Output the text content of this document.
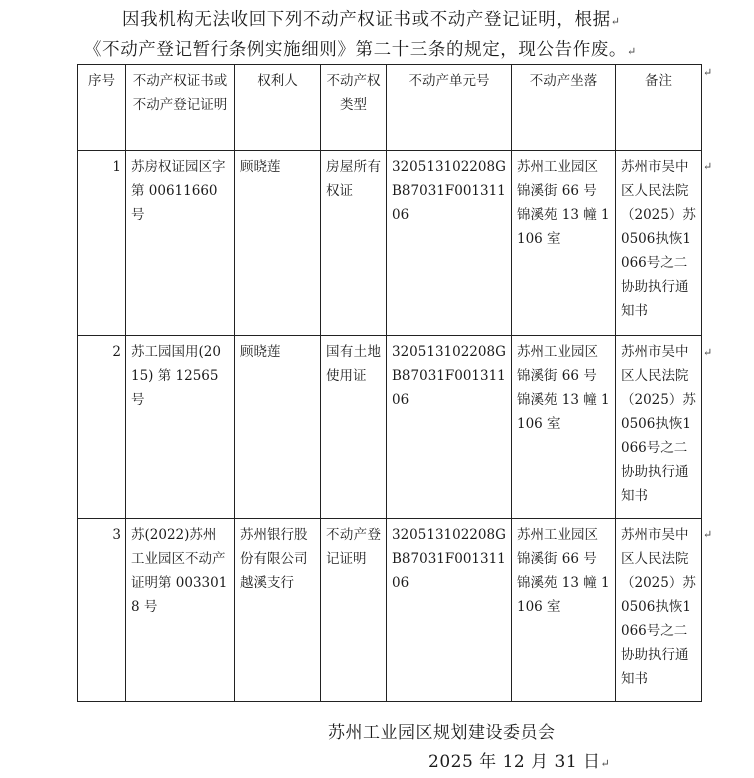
因我机构无法收回下列不动产权证书或不动产登记证明，根据↵
《不动产登记暂行条例实施细则》第二十三条的规定，现公告作废。↵
序号	不动产权证书或不动产登记证明	权利人	不动产权类型	不动产单元号	不动产坐落	备注
1	苏房权证园区字第 00611660 号	顾晓莲	房屋所有权证	320513102208GB87031F00131106	苏州工业园区锦溪街 66 号锦溪苑 13 幢 1106 室	苏州市吴中区人民法院（2025）苏0506执恢1066号之二协助执行通知书
2	苏工园国用(2015) 第 12565 号	顾晓莲	国有土地使用证	320513102208GB87031F00131106	苏州工业园区锦溪街 66 号锦溪苑 13 幢 1106 室	苏州市吴中区人民法院（2025）苏0506执恢1066号之二协助执行通知书
3	苏(2022)苏州工业园区不动产证明第 0033018 号	苏州银行股份有限公司越溪支行	不动产登记证明	320513102208GB87031F00131106	苏州工业园区锦溪街 66 号锦溪苑 13 幢 1106 室	苏州市吴中区人民法院（2025）苏0506执恢1066号之二协助执行通知书
↵
↵
↵
↵
苏州工业园区规划建设委员会
2025 年 12 月 31 日↵
